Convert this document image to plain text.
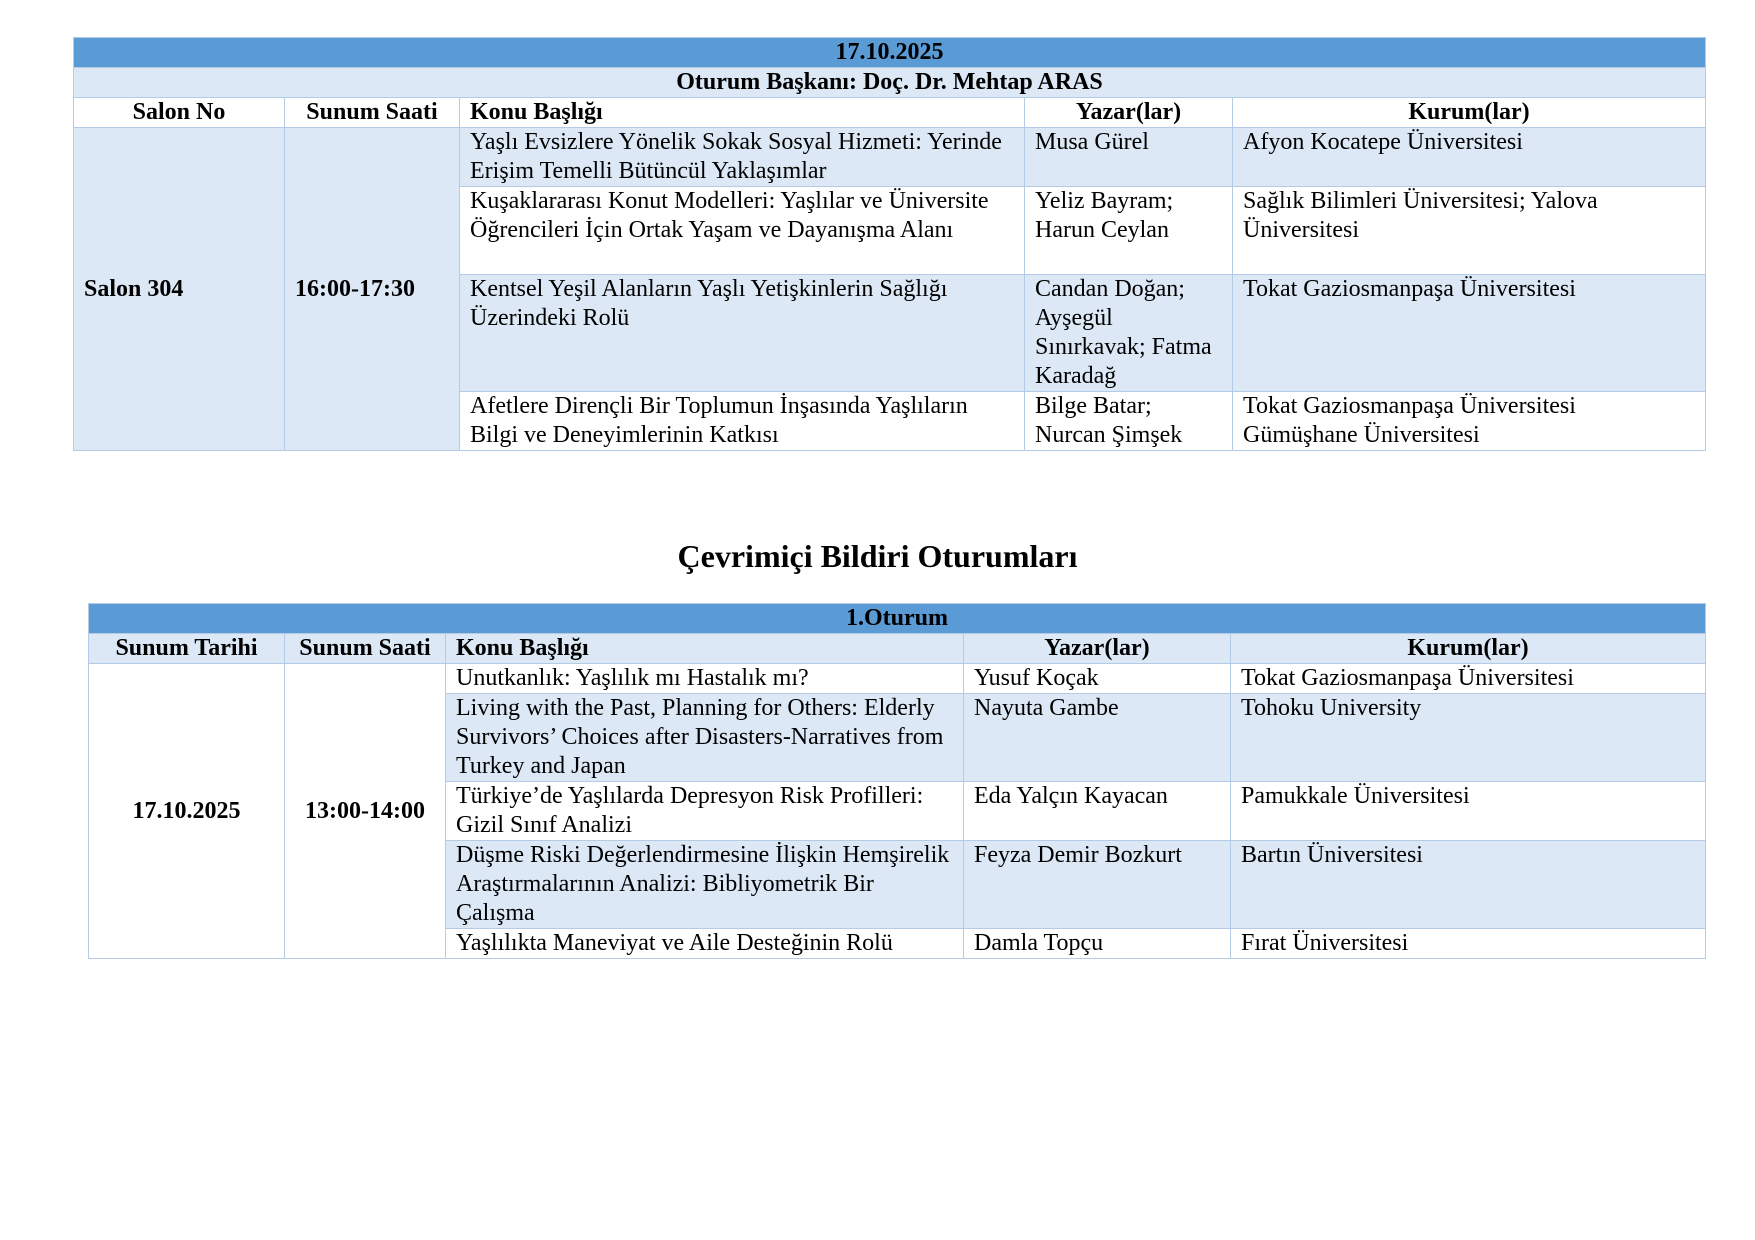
17.10.2025				
Oturum Başkanı: Doç. Dr. Mehtap ARAS				
Salon No	Sunum Saati	Konu Başlığı	Yazar(lar)	Kurum(lar)
Salon 304	16:00-17:30	Yaşlı Evsizlere Yönelik Sokak Sosyal Hizmeti: Yerinde Erişim Temelli Bütüncül Yaklaşımlar	Musa Gürel	Afyon Kocatepe Üniversitesi
		Kuşaklararası Konut Modelleri: Yaşlılar ve Üniversite Öğrencileri İçin Ortak Yaşam ve Dayanışma Alanı	Yeliz Bayram; Harun Ceylan	Sağlık Bilimleri Üniversitesi; Yalova Üniversitesi
		Kentsel Yeşil Alanların Yaşlı Yetişkinlerin Sağlığı Üzerindeki Rolü	Candan Doğan; Ayşegül Sınırkavak; Fatma Karadağ	Tokat Gaziosmanpaşa Üniversitesi
		Afetlere Dirençli Bir Toplumun İnşasında Yaşlıların Bilgi ve Deneyimlerinin Katkısı	Bilge Batar; Nurcan Şimşek	Tokat Gaziosmanpaşa Üniversitesi Gümüşhane Üniversitesi
Çevrimiçi Bildiri Oturumları
1.Oturum				
Sunum Tarihi	Sunum Saati	Konu Başlığı	Yazar(lar)	Kurum(lar)
17.10.2025	13:00-14:00	Unutkanlık: Yaşlılık mı Hastalık mı?	Yusuf Koçak	Tokat Gaziosmanpaşa Üniversitesi
		Living with the Past, Planning for Others: Elderly Survivors’ Choices after Disasters-Narratives from Turkey and Japan	Nayuta Gambe	Tohoku University
		Türkiye’de Yaşlılarda Depresyon Risk Profilleri: Gizil Sınıf Analizi	Eda Yalçın Kayacan	Pamukkale Üniversitesi
		Düşme Riski Değerlendirmesine İlişkin Hemşirelik Araştırmalarının Analizi: Bibliyometrik Bir Çalışma	Feyza Demir Bozkurt	Bartın Üniversitesi
		Yaşlılıkta Maneviyat ve Aile Desteğinin Rolü	Damla Topçu	Fırat Üniversitesi
